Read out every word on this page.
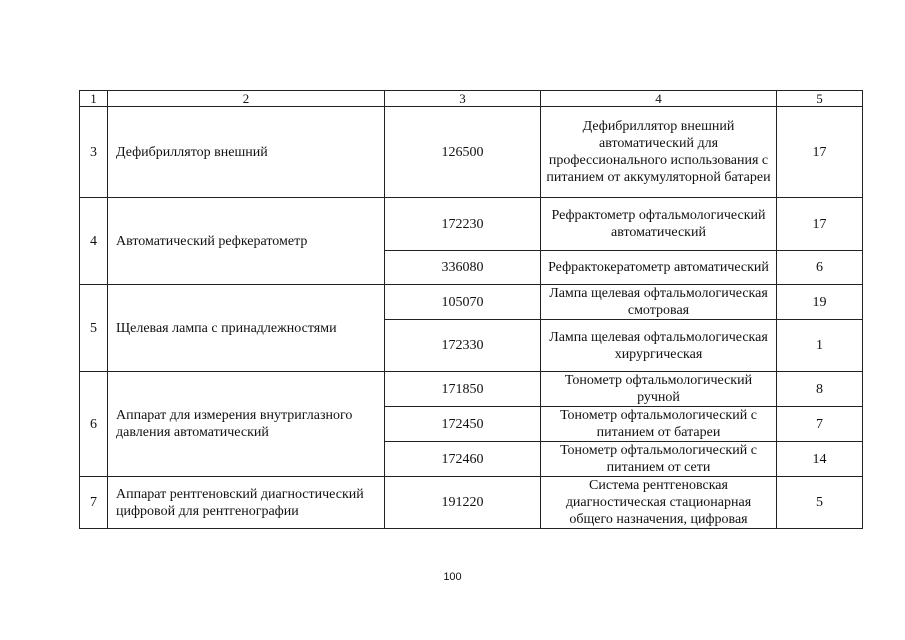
1	2	3	4	5
3	Дефибриллятор внешний	126500	Дефибриллятор внешний автоматический для профессионального использования с питанием от аккумуляторной батареи	17
4	Автоматический рефкератометр	172230	Рефрактометр офтальмологический автоматический	17
		336080	Рефрактокератометр автоматический	6
5	Щелевая лампа с принадлежностями	105070	Лампа щелевая офтальмологическая смотровая	19
		172330	Лампа щелевая офтальмологическая хирургическая	1
6	Аппарат для измерения внутриглазного давления автоматический	171850	Тонометр офтальмологический ручной	8
		172450	Тонометр офтальмологический с питанием от батареи	7
		172460	Тонометр офтальмологический с питанием от сети	14
7	Аппарат рентгеновский диагностический цифровой для рентгенографии	191220	Система рентгеновская диагностическая стационарная общего назначения, цифровая	5
100
